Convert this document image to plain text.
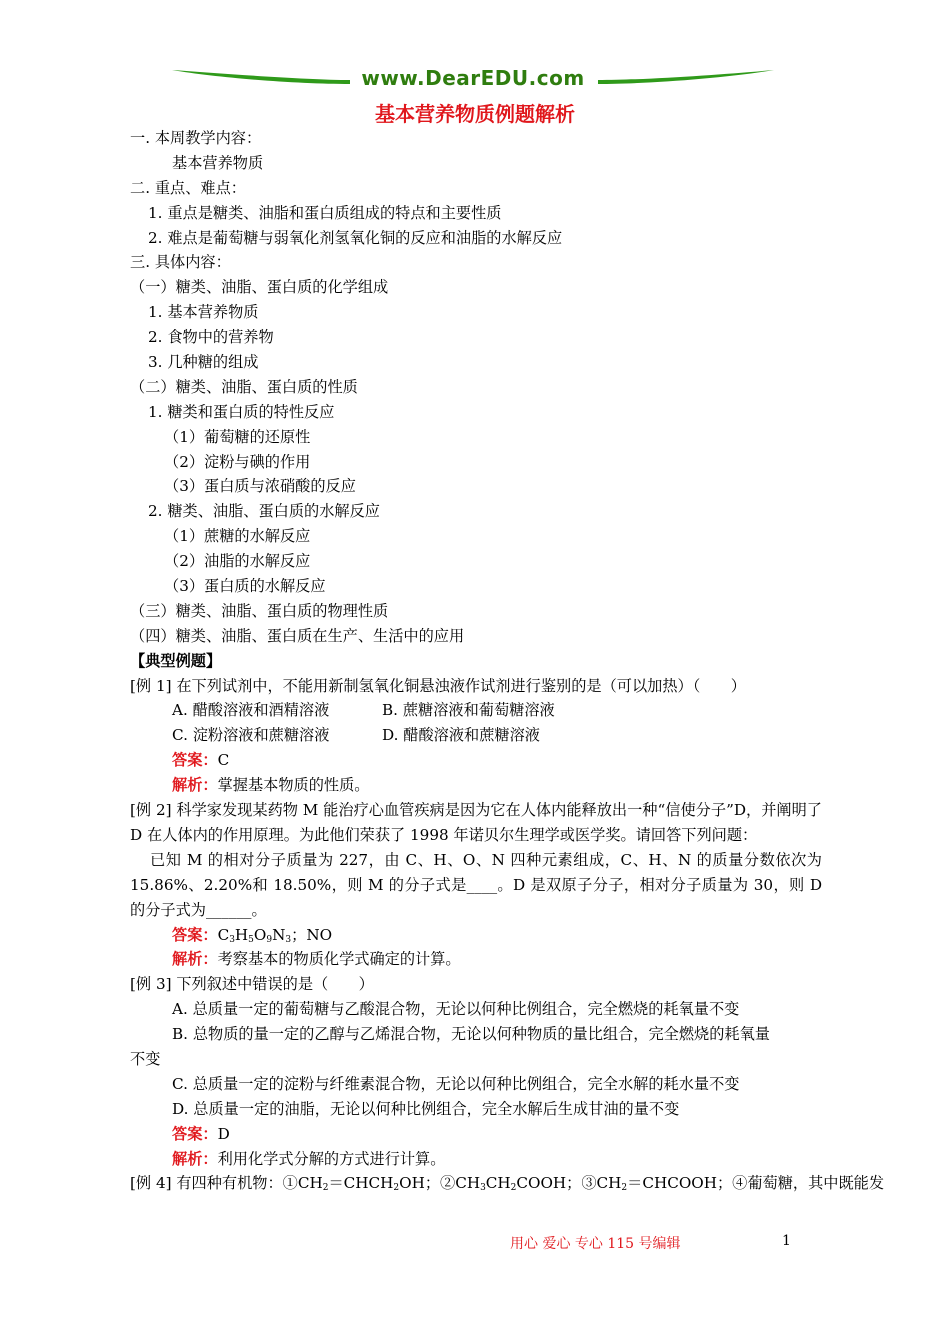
www.DearEDU.com
基本营养物质例题解析
一. 本周教学内容：
基本营养物质
二. 重点、难点：
1. 重点是糖类、油脂和蛋白质组成的特点和主要性质
2. 难点是葡萄糖与弱氧化剂氢氧化铜的反应和油脂的水解反应
三. 具体内容：
（一）糖类、油脂、蛋白质的化学组成
1. 基本营养物质
2. 食物中的营养物
3. 几种糖的组成
（二）糖类、油脂、蛋白质的性质
1. 糖类和蛋白质的特性反应
（1）葡萄糖的还原性
（2）淀粉与碘的作用
（3）蛋白质与浓硝酸的反应
2. 糖类、油脂、蛋白质的水解反应
（1）蔗糖的水解反应
（2）油脂的水解反应
（3）蛋白质的水解反应
（三）糖类、油脂、蛋白质的物理性质
（四）糖类、油脂、蛋白质在生产、生活中的应用
【典型例题】
[例 1] 在下列试剂中，不能用新制氢氧化铜悬浊液作试剂进行鉴别的是（可以加热）（　　）
A. 醋酸溶液和酒精溶液	B. 蔗糖溶液和葡萄糖溶液
C. 淀粉溶液和蔗糖溶液	D. 醋酸溶液和蔗糖溶液
答案：C
解析：掌握基本物质的性质。
[例 2] 科学家发现某药物 M 能治疗心血管疾病是因为它在人体内能释放出一种“信使分子”D，并阐明了 D 在人体内的作用原理。为此他们荣获了 1998 年诺贝尔生理学或医学奖。请回答下列问题：
已知 M 的相对分子质量为 227，由 C、H、O、N 四种元素组成，C、H、N 的质量分数依次为 15.86%、2.20%和 18.50%，则 M 的分子式是____。D 是双原子分子，相对分子质量为 30，则 D 的分子式为______。
答案：$C_3H_5O_9N_3$；NO
解析：考察基本的物质化学式确定的计算。
[例 3] 下列叙述中错误的是（　　）
A. 总质量一定的葡萄糖与乙酸混合物，无论以何种比例组合，完全燃烧的耗氧量不变
B. 总物质的量一定的乙醇与乙烯混合物，无论以何种物质的量比组合，完全燃烧的耗氧量
不变
C. 总质量一定的淀粉与纤维素混合物，无论以何种比例组合，完全水解的耗水量不变
D. 总质量一定的油脂，无论以何种比例组合，完全水解后生成甘油的量不变
答案：D
解析：利用化学式分解的方式进行计算。
[例 4] 有四种有机物：$①CH_2=CHCH_2OH$；$②CH_3CH_2COOH$；$③CH_2=CHCOOH$；④葡萄糖，其中既能发
用心 爱心 专心 115 号编辑	1
